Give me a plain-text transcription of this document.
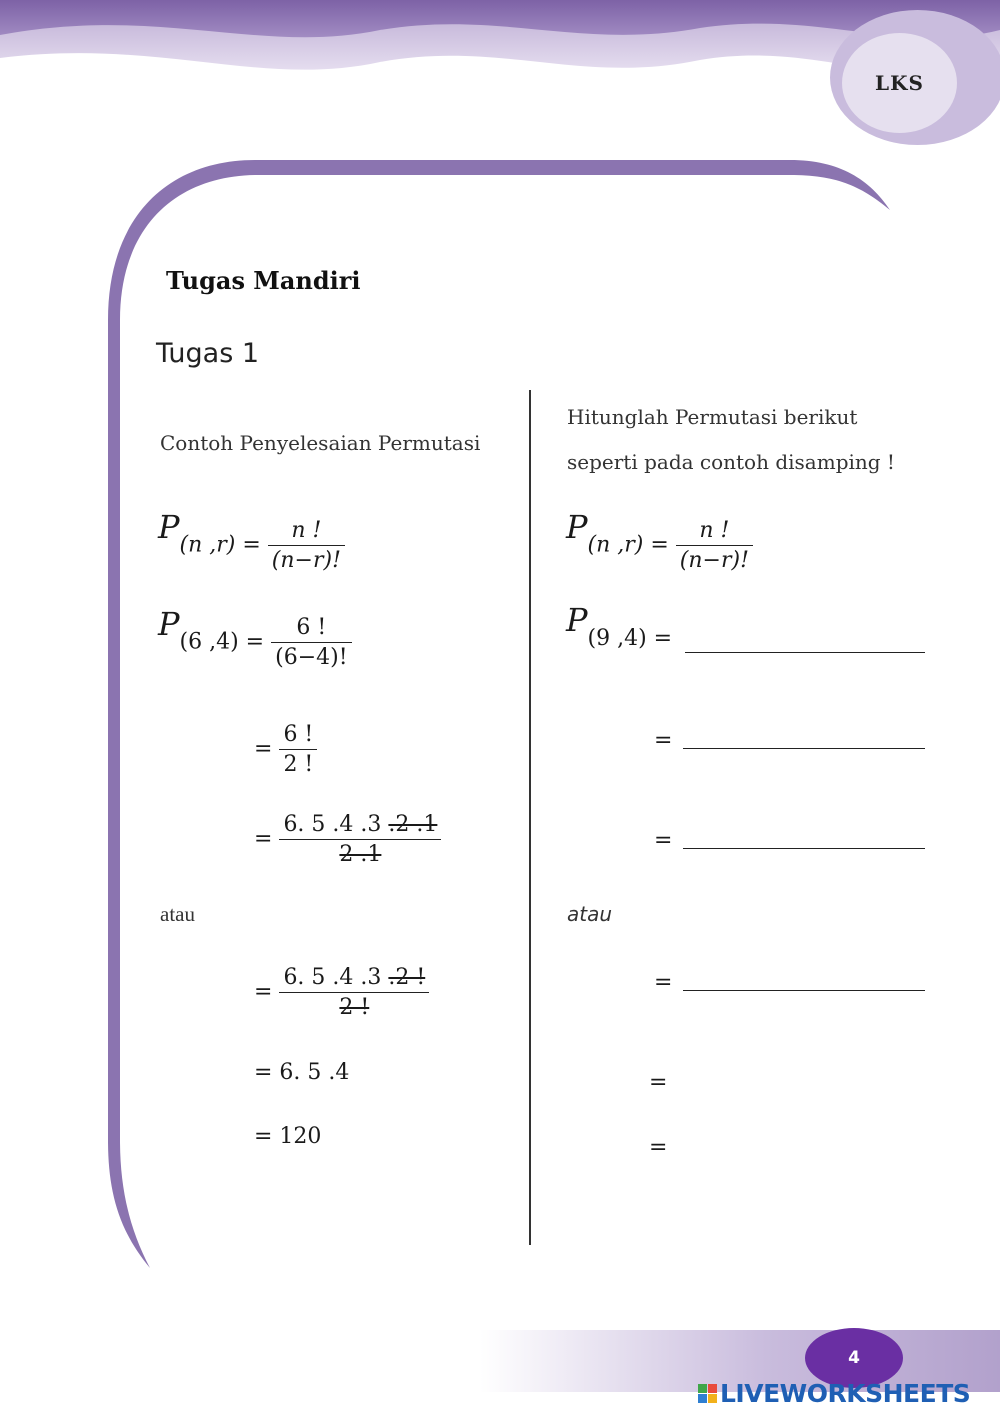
LKS
Tugas Mandiri
Tugas 1
Contoh Penyelesaian Permutasi
P(n $,r) = \frac{n !}{(n-r)!}$
P(6 $,4) = \frac{6 !}{(6-4)!}$
= $\frac{6 !}{2 !}$
= $\frac{6. 5 .4 .3 .2 .1}{2 .1}$
atau
= $\frac{6. 5 .4 .3 .2 !}{2 !}$
= 6. 5 .4
= 120
Hitunglah Permutasi berikut
seperti pada contoh disamping !
P(n $,r) = \frac{n !}{(n-r)!}$
P(9 ,4) =
=
=
atau
=
=
=
4
LIVEWORKSHEETS
